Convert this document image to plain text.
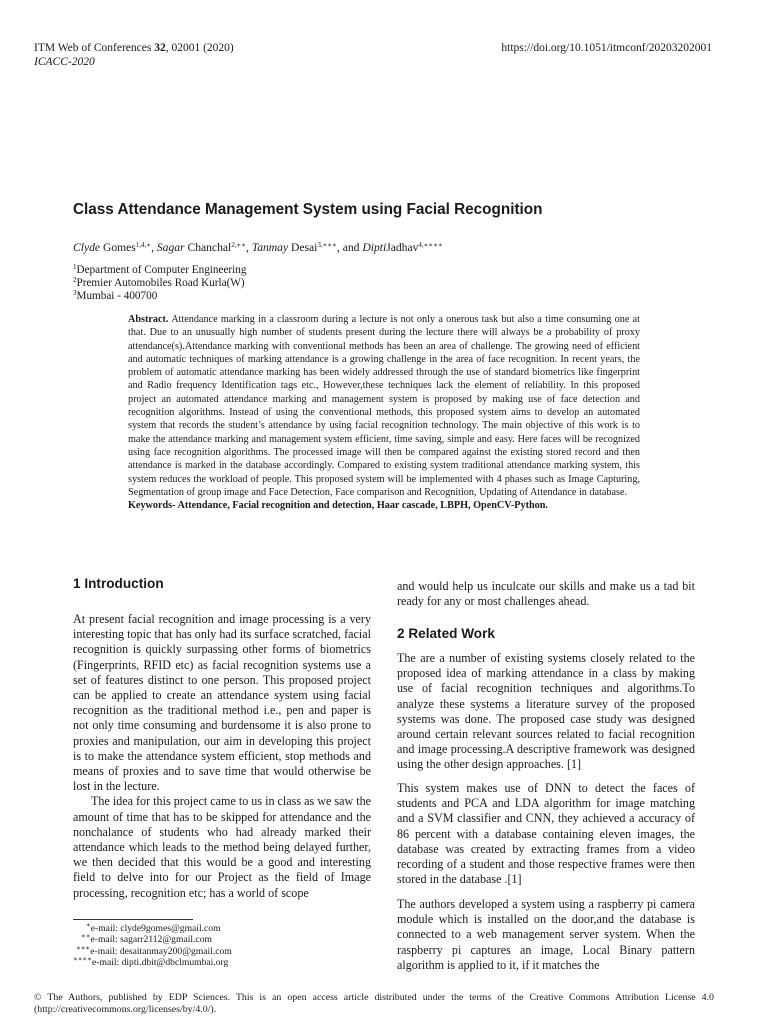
ITM Web of Conferences 32, 02001 (2020)
ICACC-2020
https://doi.org/10.1051/itmconf/20203202001
Class Attendance Management System using Facial Recognition
Clyde Gomes$^{1,4,∗}$, Sagar Chanchal$^{2,∗∗}$, Tanmay Desai$^{3,∗∗∗}$, and DiptiJadhav$^{4,∗∗∗∗}$
$^1$Department of Computer Engineering
$^2$Premier Automobiles Road Kurla(W)
$^3$Mumbai - 400700

Abstract. Attendance marking in a classroom during a lecture is not only a onerous task but also a time consuming one at that. Due to an unusually high number of students present during the lecture there will always be a probability of proxy attendance(s).Attendance marking with conventional methods has been an area of challenge. The growing need of efficient and automatic techniques of marking attendance is a growing challenge in the area of face recognition. In recent years, the problem of automatic attendance marking has been widely addressed through the use of standard biometrics like fingerprint and Radio frequency Identification tags etc., However,these techniques lack the element of reliability. In this proposed project an automated attendance marking and management system is proposed by making use of face detection and recognition algorithms. Instead of using the conventional methods, this proposed system aims to develop an automated system that records the student’s attendance by using facial recognition technology. The main objective of this work is to make the attendance marking and management system efficient, time saving, simple and easy. Here faces will be recognized using face recognition algorithms. The processed image will then be compared against the existing stored record and then attendance is marked in the database accordingly. Compared to existing system traditional attendance marking system, this system reduces the workload of people. This proposed system will be implemented with 4 phases such as Image Capturing, Segmentation of group image and Face Detection, Face comparison and Recognition, Updating of Attendance in database.

Keywords- Attendance, Facial recognition and detection, Haar cascade, LBPH, OpenCV-Python.

1 Introduction

At present facial recognition and image processing is a very interesting topic that has only had its surface scratched, facial recognition is quickly surpassing other forms of biometrics (Fingerprints, RFID etc) as facial recognition systems use a set of features distinct to one person. This proposed project can be applied to create an attendance system using facial recognition as the traditional method i.e., pen and paper is not only time consuming and burdensome it is also prone to proxies and manipulation, our aim in developing this project is to make the attendance system efficient, stop methods and means of proxies and to save time that would otherwise be lost in the lecture.

The idea for this project came to us in class as we saw the amount of time that has to be skipped for attendance and the nonchalance of students who had already marked their attendance which leads to the method being delayed further, we then decided that this would be a good and interesting field to delve into for our Project as the field of Image processing, recognition etc; has a world of scope

∗e-mail: clyde9gomes@gmail.com
∗∗e-mail: sagarr2112@gmail.com
∗∗∗e-mail: desaitanmay200@gmail.com
∗∗∗∗e-mail: dipti.dbit@dbclmumbai.org

and would help us inculcate our skills and make us a tad bit ready for any or most challenges ahead.

2 Related Work

The are a number of existing systems closely related to the proposed idea of marking attendance in a class by making use of facial recognition techniques and algorithms.To analyze these systems a literature survey of the proposed systems was done. The proposed case study was designed around certain relevant sources related to facial recognition and image processing.A descriptive framework was designed using the other design approaches. [1]

This system makes use of DNN to detect the faces of students and PCA and LDA algorithm for image matching and a SVM classifier and CNN, they achieved a accuracy of 86 percent with a database containing eleven images, the database was created by extracting frames from a video recording of a student and those respective frames were then stored in the database .[1]

The authors developed a system using a raspberry pi camera module which is installed on the door,and the database is connected to a web management server system. When the raspberry pi captures an image, Local Binary pattern algorithm is applied to it, if it matches the

© The Authors, published by EDP Sciences. This is an open access article distributed under the terms of the Creative Commons Attribution License 4.0 (http://creativecommons.org/licenses/by/4.0/).
